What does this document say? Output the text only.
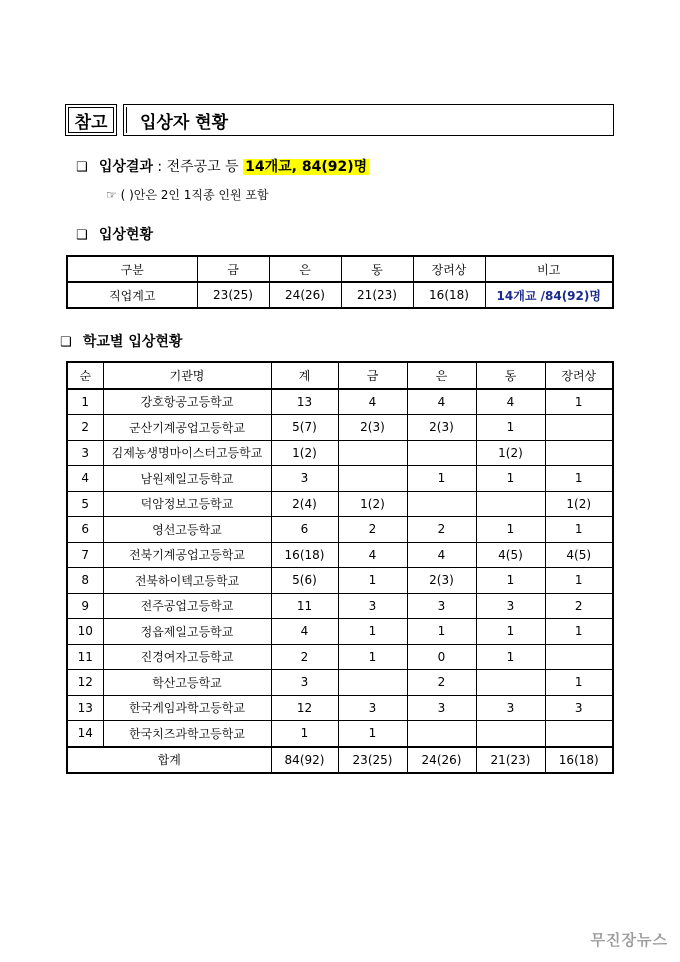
참고	입상자 현황
❑ 입상결과 : 전주공고 등 14개교, 84(92)명
☞ ( )안은 2인 1직종 인원 포함
❑ 입상현황
구분	금	은	동	장려상	비고
직업계고	23(25)	24(26)	21(23)	16(18)	14개교 /84(92)명
❑ 학교별 입상현황
순	기관명	계	금	은	동	장려상
1	강호항공고등학교	13	4	4	4	1
2	군산기계공업고등학교	5(7)	2(3)	2(3)	1	
3	김제농생명마이스터고등학교	1(2)			1(2)	
4	남원제일고등학교	3		1	1	1
5	덕암정보고등학교	2(4)	1(2)			1(2)
6	영선고등학교	6	2	2	1	1
7	전북기계공업고등학교	16(18)	4	4	4(5)	4(5)
8	전북하이텍고등학교	5(6)	1	2(3)	1	1
9	전주공업고등학교	11	3	3	3	2
10	정읍제일고등학교	4	1	1	1	1
11	진경여자고등학교	2	1	0	1	
12	학산고등학교	3		2		1
13	한국게임과학고등학교	12	3	3	3	3
14	한국치즈과학고등학교	1	1			
합계		84(92)	23(25)	24(26)	21(23)	16(18)
무진장뉴스
